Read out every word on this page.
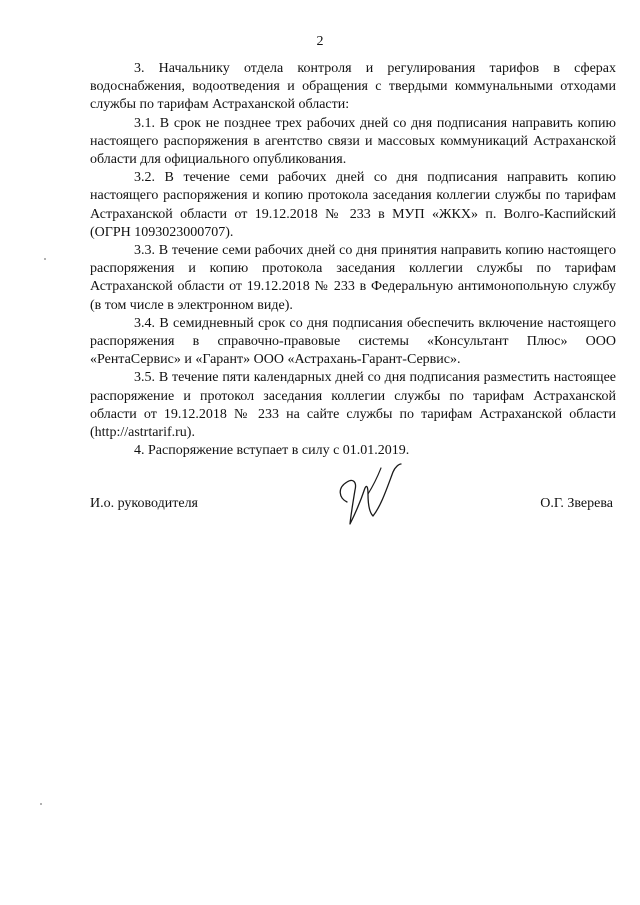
2

3. Начальнику отдела контроля и регулирования тарифов в сферах водоснабжения, водоотведения и обращения с твердыми коммунальными отходами службы по тарифам Астраханской области:

3.1. В срок не позднее трех рабочих дней со дня подписания направить копию настоящего распоряжения в агентство связи и массовых коммуникаций Астраханской области для официального опубликования.

3.2. В течение семи рабочих дней со дня подписания направить копию настоящего распоряжения и копию протокола заседания коллегии службы по тарифам Астраханской области от 19.12.2018 № 233 в МУП «ЖКХ» п. Волго-Каспийский (ОГРН 1093023000707).

3.3. В течение семи рабочих дней со дня принятия направить копию настоящего распоряжения и копию протокола заседания коллегии службы по тарифам Астраханской области от 19.12.2018 № 233 в Федеральную антимонопольную службу (в том числе в электронном виде).

3.4. В семидневный срок со дня подписания обеспечить включение настоящего распоряжения в справочно-правовые системы «Консультант Плюс» ООО «РентаСервис» и «Гарант» ООО «Астрахань-Гарант-Сервис».

3.5. В течение пяти календарных дней со дня подписания разместить настоящее распоряжение и протокол заседания коллегии службы по тарифам Астраханской области от 19.12.2018 № 233 на сайте службы по тарифам Астраханской области (http://astrtarif.ru).

4. Распоряжение вступает в силу с 01.01.2019.

И.о. руководителя	О.Г. Зверева
